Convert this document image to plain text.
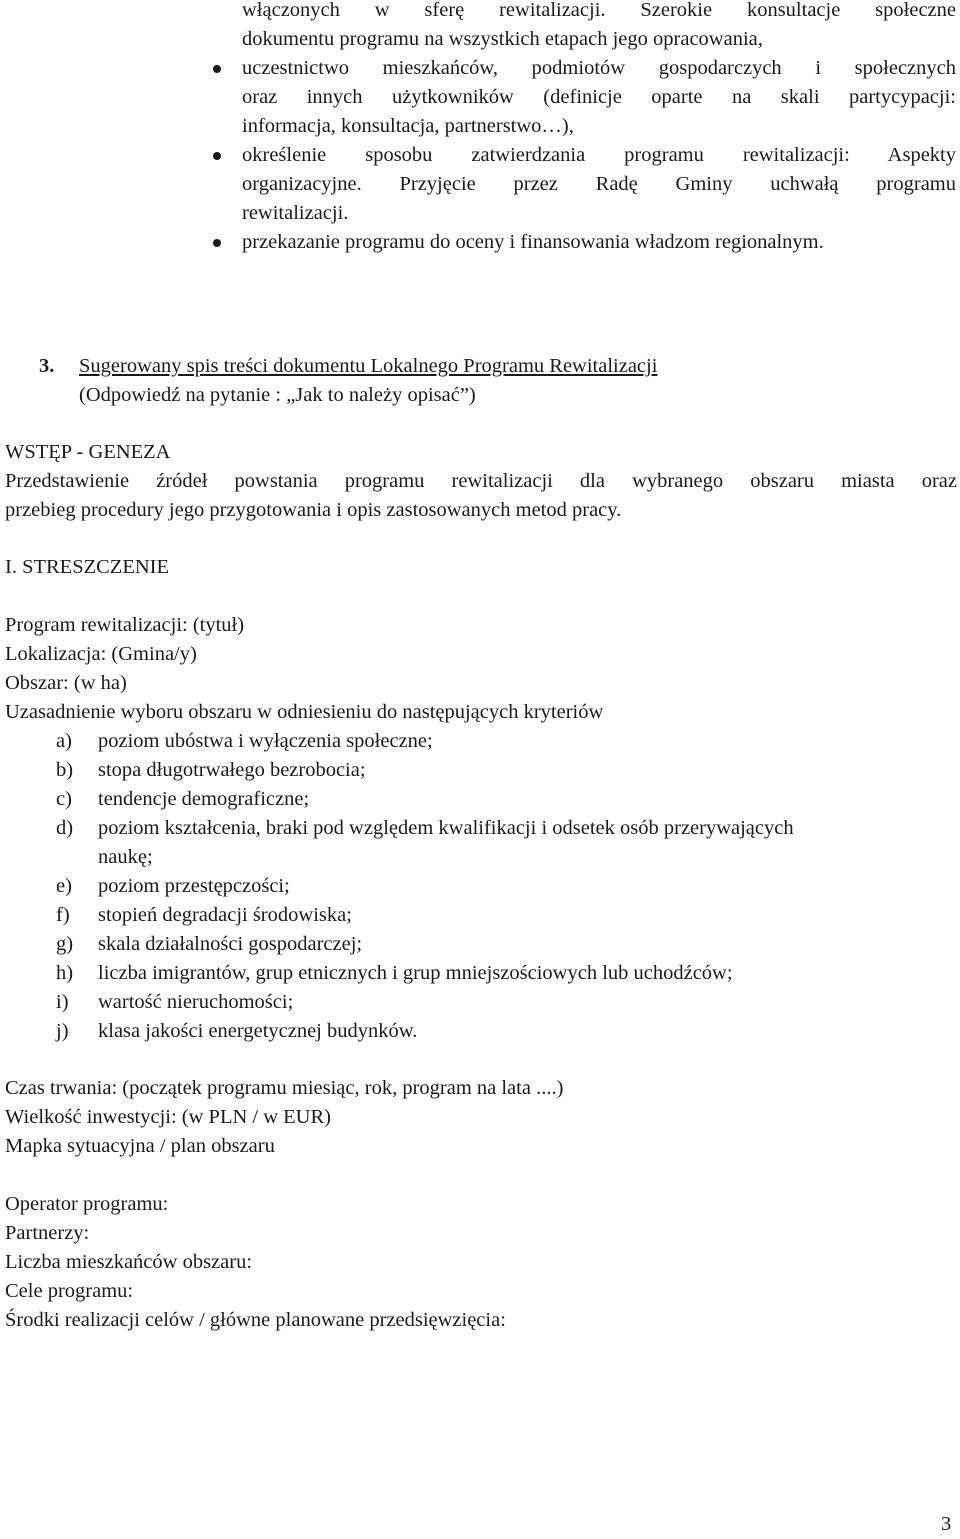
włączonych w sferę rewitalizacji. Szerokie konsultacje społeczne
dokumentu programu na wszystkich etapach jego opracowania,
uczestnictwo mieszkańców, podmiotów gospodarczych i społecznych
oraz innych użytkowników (definicje oparte na skali partycypacji:
informacja, konsultacja, partnerstwo…),
określenie sposobu zatwierdzania programu rewitalizacji: Aspekty
organizacyjne. Przyjęcie przez Radę Gminy uchwałą programu
rewitalizacji.
przekazanie programu do oceny i finansowania władzom regionalnym.
3. Sugerowany spis treści dokumentu Lokalnego Programu Rewitalizacji
(Odpowiedź na pytanie : „Jak to należy opisać”)
WSTĘP - GENEZA
Przedstawienie źródeł powstania programu rewitalizacji dla wybranego obszaru miasta oraz
przebieg procedury jego przygotowania i opis zastosowanych metod pracy.
I. STRESZCZENIE
Program rewitalizacji: (tytuł)
Lokalizacja: (Gmina/y)
Obszar: (w ha)
Uzasadnienie wyboru obszaru w odniesieniu do następujących kryteriów
a) poziom ubóstwa i wyłączenia społeczne;
b) stopa długotrwałego bezrobocia;
c) tendencje demograficzne;
d) poziom kształcenia, braki pod względem kwalifikacji i odsetek osób przerywających
naukę;
e) poziom przestępczości;
f) stopień degradacji środowiska;
g) skala działalności gospodarczej;
h) liczba imigrantów, grup etnicznych i grup mniejszościowych lub uchodźców;
i) wartość nieruchomości;
j) klasa jakości energetycznej budynków.
Czas trwania: (początek programu miesiąc, rok, program na lata ....)
Wielkość inwestycji: (w PLN / w EUR)
Mapka sytuacyjna / plan obszaru
Operator programu:
Partnerzy:
Liczba mieszkańców obszaru:
Cele programu:
Środki realizacji celów / główne planowane przedsięwzięcia:
3
